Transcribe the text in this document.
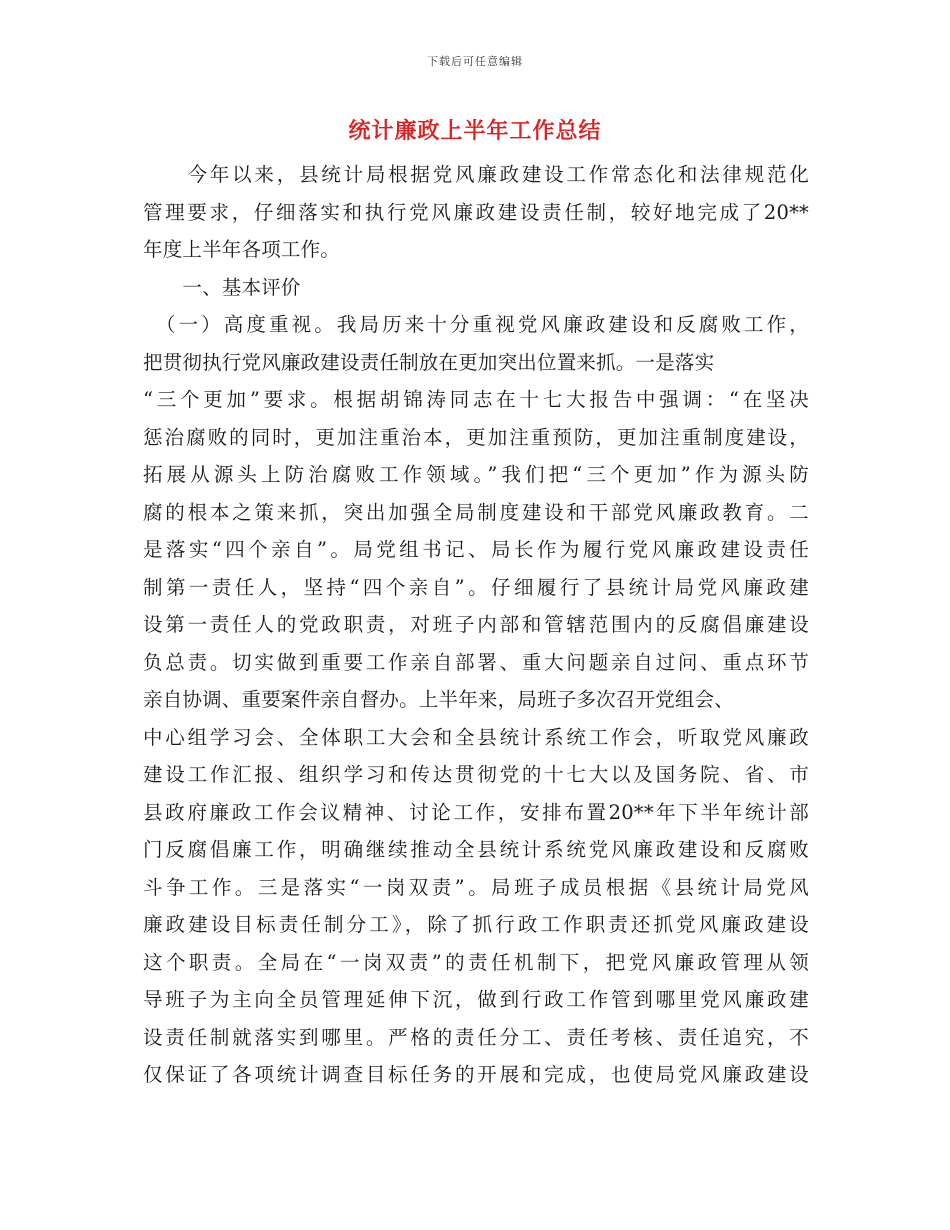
下载后可任意编辑
统计廉政上半年工作总结
　　今年以来，县统计局根据党风廉政建设工作常态化和法律规范化
管理要求，仔细落实和执行党风廉政建设责任制，较好地完成了20**
年度上半年各项工作。
　　一、基本评价
　（一）高度重视。我局历来十分重视党风廉政建设和反腐败工作，
把贯彻执行党风廉政建设责任制放在更加突出位置来抓。一是落实
“三个更加”要求。根据胡锦涛同志在十七大报告中强调：“在坚决
惩治腐败的同时，更加注重治本，更加注重预防，更加注重制度建设，
拓展从源头上防治腐败工作领域。”我们把“三个更加”作为源头防
腐的根本之策来抓，突出加强全局制度建设和干部党风廉政教育。二
是落实“四个亲自”。局党组书记、局长作为履行党风廉政建设责任
制第一责任人，坚持“四个亲自”。仔细履行了县统计局党风廉政建
设第一责任人的党政职责，对班子内部和管辖范围内的反腐倡廉建设
负总责。切实做到重要工作亲自部署、重大问题亲自过问、重点环节
亲自协调、重要案件亲自督办。上半年来，局班子多次召开党组会、
中心组学习会、全体职工大会和全县统计系统工作会，听取党风廉政
建设工作汇报、组织学习和传达贯彻党的十七大以及国务院、省、市
县政府廉政工作会议精神、讨论工作，安排布置20**年下半年统计部
门反腐倡廉工作，明确继续推动全县统计系统党风廉政建设和反腐败
斗争工作。三是落实“一岗双责”。局班子成员根据《县统计局党风
廉政建设目标责任制分工》，除了抓行政工作职责还抓党风廉政建设
这个职责。全局在“一岗双责”的责任机制下，把党风廉政管理从领
导班子为主向全员管理延伸下沉，做到行政工作管到哪里党风廉政建
设责任制就落实到哪里。严格的责任分工、责任考核、责任追究，不
仅保证了各项统计调查目标任务的开展和完成，也使局党风廉政建设
